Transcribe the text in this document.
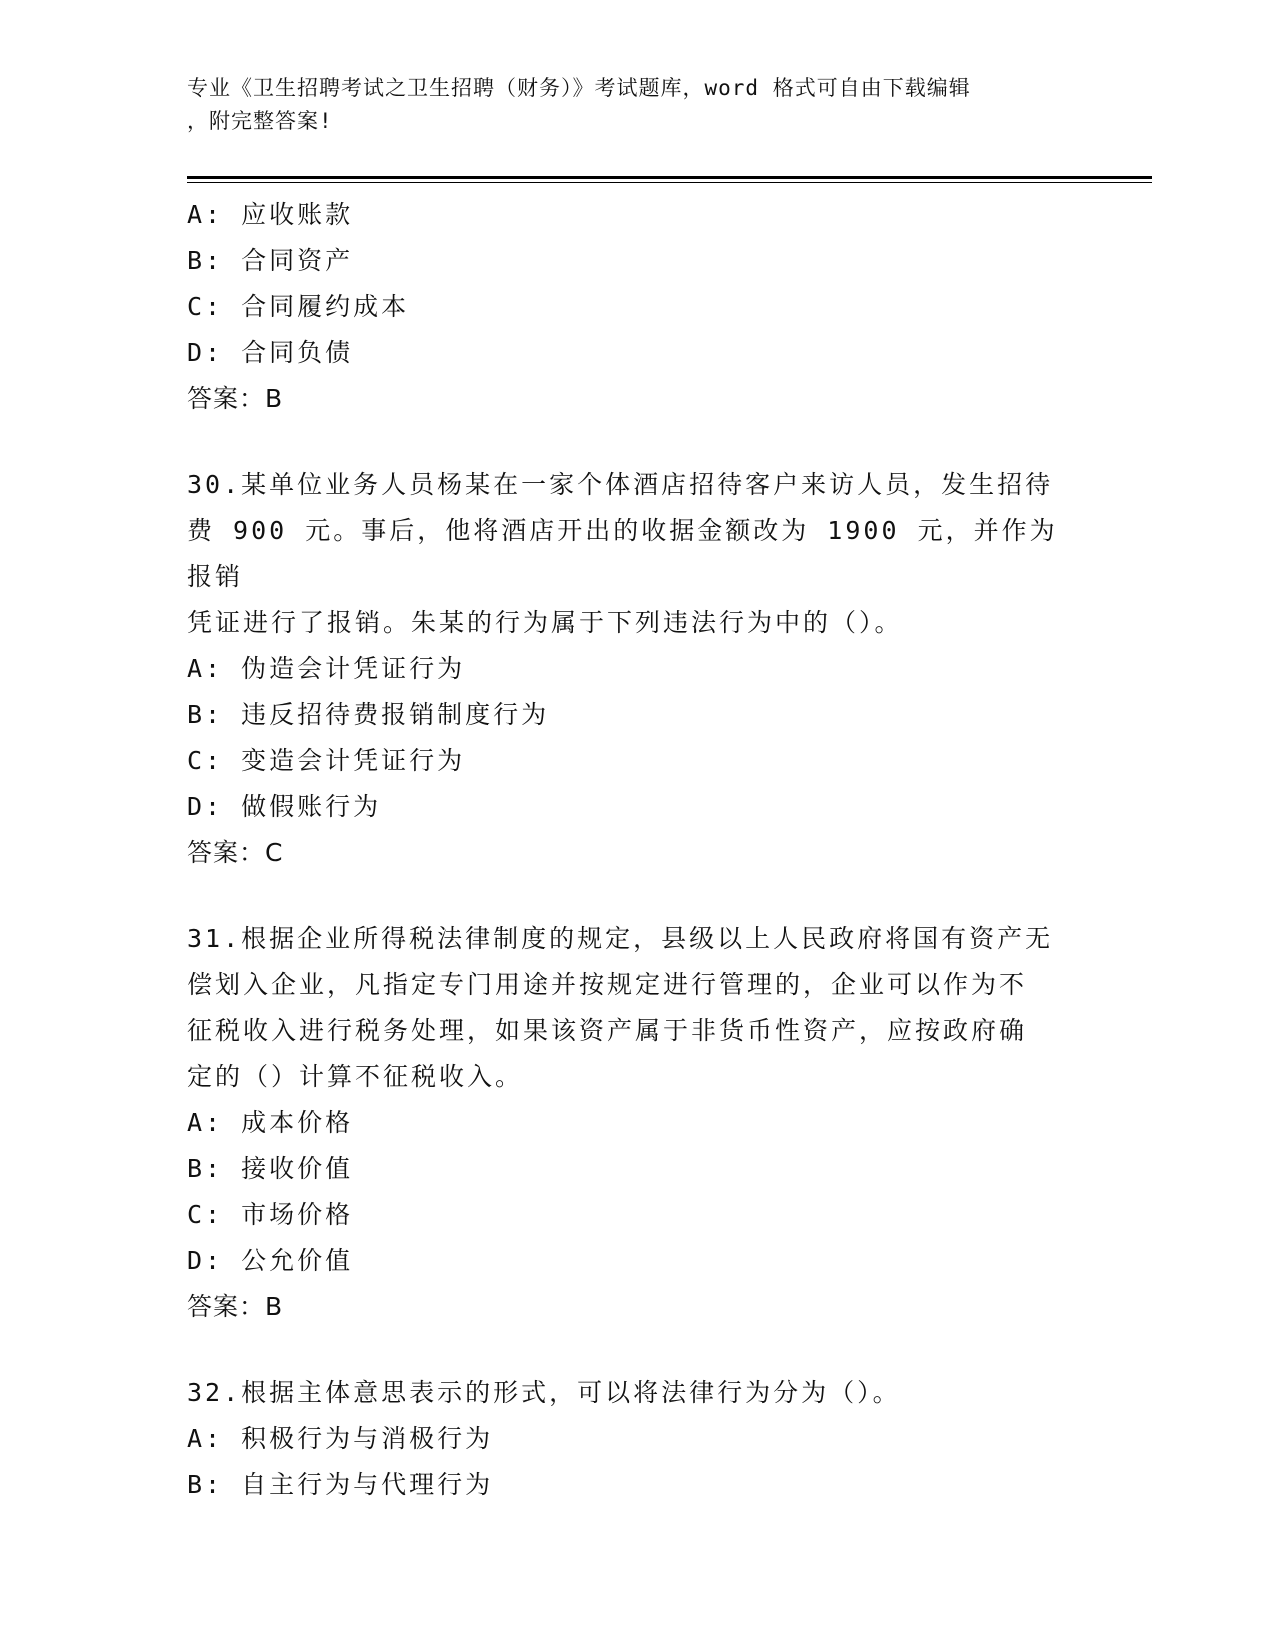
专业《卫生招聘考试之卫生招聘（财务）》考试题库，word 格式可自由下载编辑
，附完整答案!
A: 应收账款
B: 合同资产
C: 合同履约成本
D: 合同负债
答案：B
30.某单位业务人员杨某在一家个体酒店招待客户来访人员，发生招待
费 900 元。事后，他将酒店开出的收据金额改为 1900 元，并作为报销
凭证进行了报销。朱某的行为属于下列违法行为中的（）。
A: 伪造会计凭证行为
B: 违反招待费报销制度行为
C: 变造会计凭证行为
D: 做假账行为
答案：C
31.根据企业所得税法律制度的规定，县级以上人民政府将国有资产无
偿划入企业，凡指定专门用途并按规定进行管理的，企业可以作为不
征税收入进行税务处理，如果该资产属于非货币性资产，应按政府确
定的（）计算不征税收入。
A: 成本价格
B: 接收价值
C: 市场价格
D: 公允价值
答案：B
32.根据主体意思表示的形式，可以将法律行为分为（）。
A: 积极行为与消极行为
B: 自主行为与代理行为
